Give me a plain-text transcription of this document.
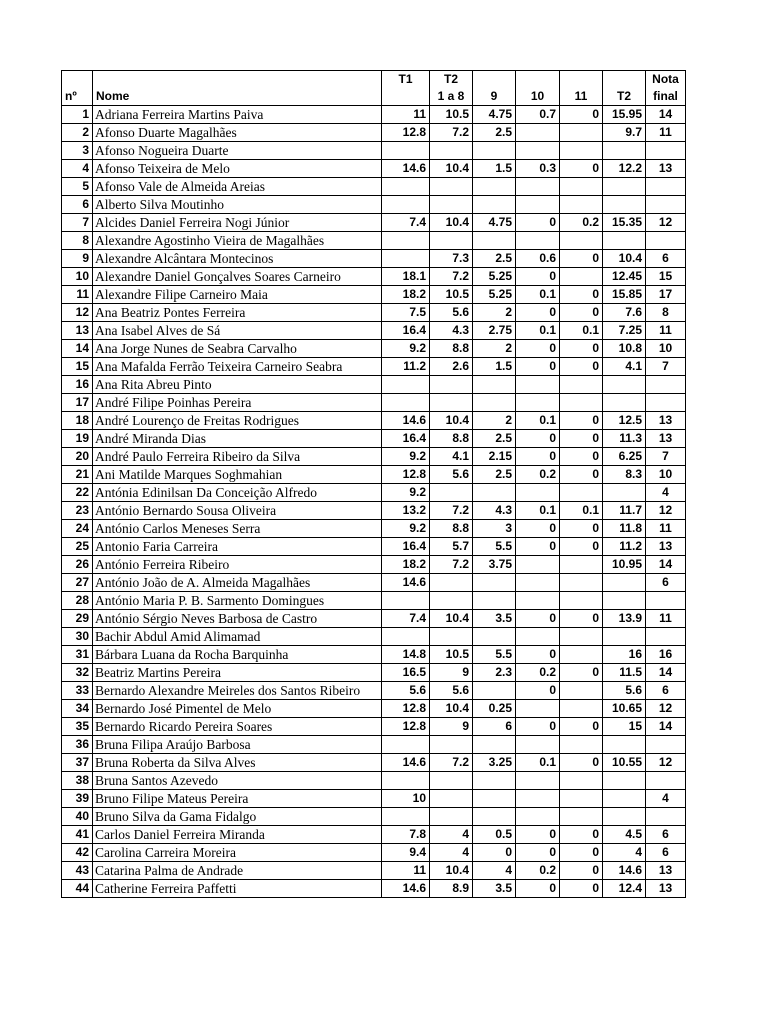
		T1	T2					Nota
nº	Nome		1 a 8	9	10	11	T2	final
1	Adriana Ferreira Martins Paiva	11	10.5	4.75	0.7	0	15.95	14
2	Afonso Duarte Magalhães	12.8	7.2	2.5			9.7	11
3	Afonso Nogueira Duarte							
4	Afonso Teixeira de Melo	14.6	10.4	1.5	0.3	0	12.2	13
5	Afonso Vale de Almeida Areias							
6	Alberto Silva Moutinho							
7	Alcides Daniel Ferreira Nogi Júnior	7.4	10.4	4.75	0	0.2	15.35	12
8	Alexandre Agostinho Vieira de Magalhães							
9	Alexandre Alcântara Montecinos		7.3	2.5	0.6	0	10.4	6
10	Alexandre Daniel Gonçalves Soares Carneiro	18.1	7.2	5.25	0		12.45	15
11	Alexandre Filipe Carneiro Maia	18.2	10.5	5.25	0.1	0	15.85	17
12	Ana Beatriz Pontes Ferreira	7.5	5.6	2	0	0	7.6	8
13	Ana Isabel Alves de Sá	16.4	4.3	2.75	0.1	0.1	7.25	11
14	Ana Jorge Nunes de Seabra Carvalho	9.2	8.8	2	0	0	10.8	10
15	Ana Mafalda Ferrão Teixeira Carneiro Seabra	11.2	2.6	1.5	0	0	4.1	7
16	Ana Rita Abreu Pinto							
17	André Filipe Poinhas Pereira							
18	André Lourenço de Freitas Rodrigues	14.6	10.4	2	0.1	0	12.5	13
19	André Miranda Dias	16.4	8.8	2.5	0	0	11.3	13
20	André Paulo Ferreira Ribeiro da Silva	9.2	4.1	2.15	0	0	6.25	7
21	Ani Matilde Marques Soghmahian	12.8	5.6	2.5	0.2	0	8.3	10
22	Antónia Edinilsan Da Conceição Alfredo	9.2						4
23	António Bernardo Sousa Oliveira	13.2	7.2	4.3	0.1	0.1	11.7	12
24	António Carlos Meneses Serra	9.2	8.8	3	0	0	11.8	11
25	Antonio Faria Carreira	16.4	5.7	5.5	0	0	11.2	13
26	António Ferreira Ribeiro	18.2	7.2	3.75			10.95	14
27	António João de A. Almeida Magalhães	14.6						6
28	António Maria P. B. Sarmento Domingues							
29	António Sérgio Neves Barbosa de Castro	7.4	10.4	3.5	0	0	13.9	11
30	Bachir Abdul Amid Alimamad							
31	Bárbara Luana da Rocha Barquinha	14.8	10.5	5.5	0		16	16
32	Beatriz Martins Pereira	16.5	9	2.3	0.2	0	11.5	14
33	Bernardo Alexandre Meireles dos Santos Ribeiro	5.6	5.6		0		5.6	6
34	Bernardo José Pimentel de Melo	12.8	10.4	0.25			10.65	12
35	Bernardo Ricardo Pereira Soares	12.8	9	6	0	0	15	14
36	Bruna Filipa Araújo Barbosa							
37	Bruna Roberta da Silva Alves	14.6	7.2	3.25	0.1	0	10.55	12
38	Bruna Santos Azevedo							
39	Bruno Filipe Mateus Pereira	10						4
40	Bruno Silva da Gama Fidalgo							
41	Carlos Daniel Ferreira Miranda	7.8	4	0.5	0	0	4.5	6
42	Carolina Carreira Moreira	9.4	4	0	0	0	4	6
43	Catarina Palma de Andrade	11	10.4	4	0.2	0	14.6	13
44	Catherine Ferreira Paffetti	14.6	8.9	3.5	0	0	12.4	13
